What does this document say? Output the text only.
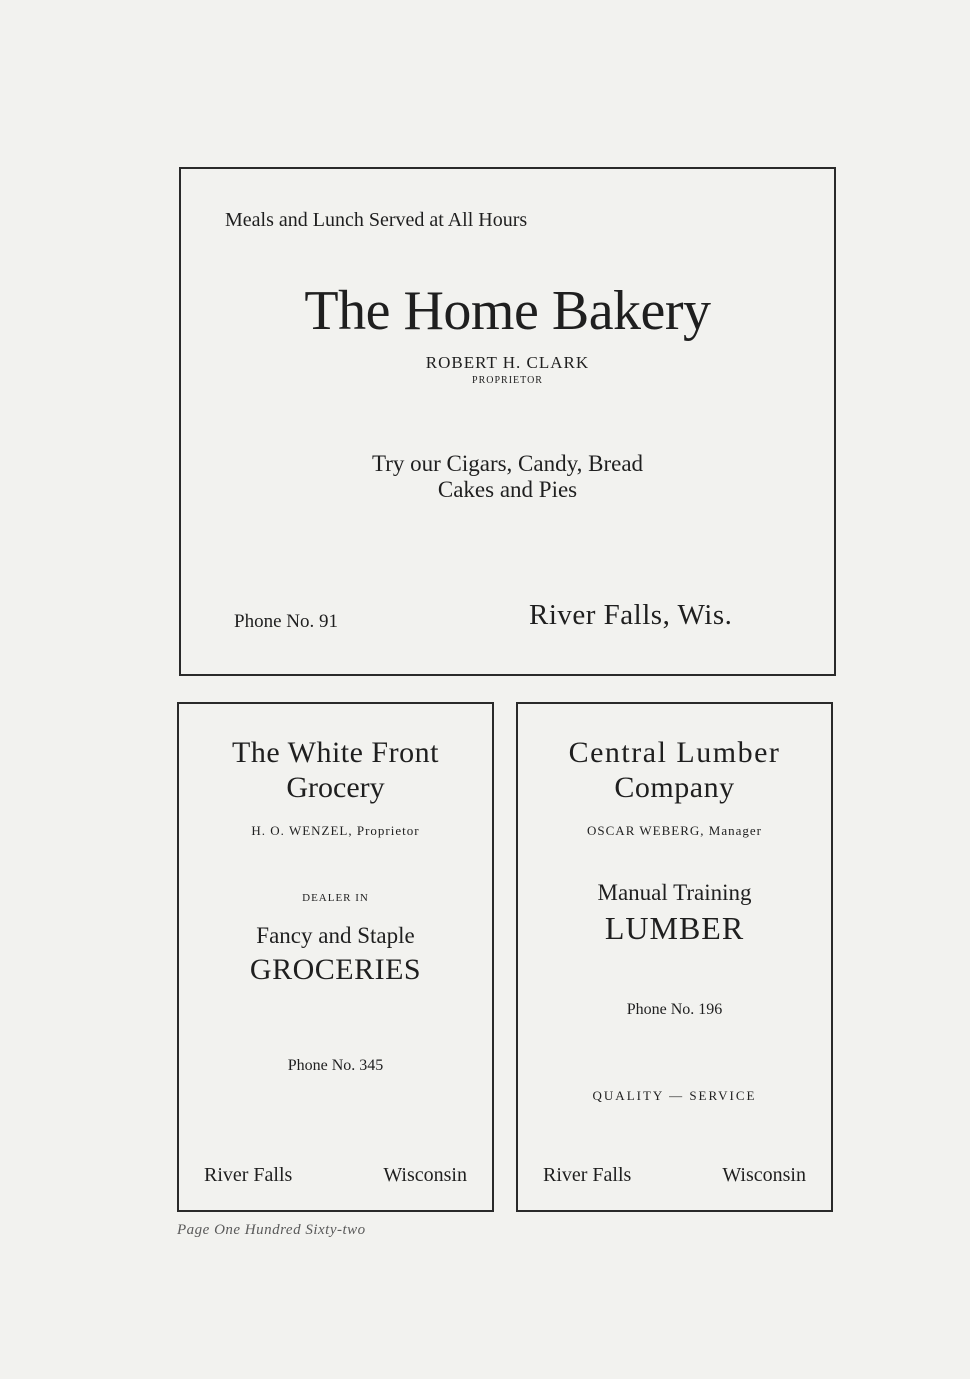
Meals and Lunch Served at All Hours
The Home Bakery
ROBERT H. CLARK
PROPRIETOR
Try our Cigars, Candy, Bread
Cakes and Pies
Phone No. 91	River Falls, Wis.
The White Front
Grocery
H. O. WENZEL, Proprietor
DEALER IN
Fancy and Staple
GROCERIES
Phone No. 345
River Falls	Wisconsin
Central Lumber
Company
OSCAR WEBERG, Manager
Manual Training
LUMBER
Phone No. 196
QUALITY — SERVICE
River Falls	Wisconsin
Page One Hundred Sixty-two
